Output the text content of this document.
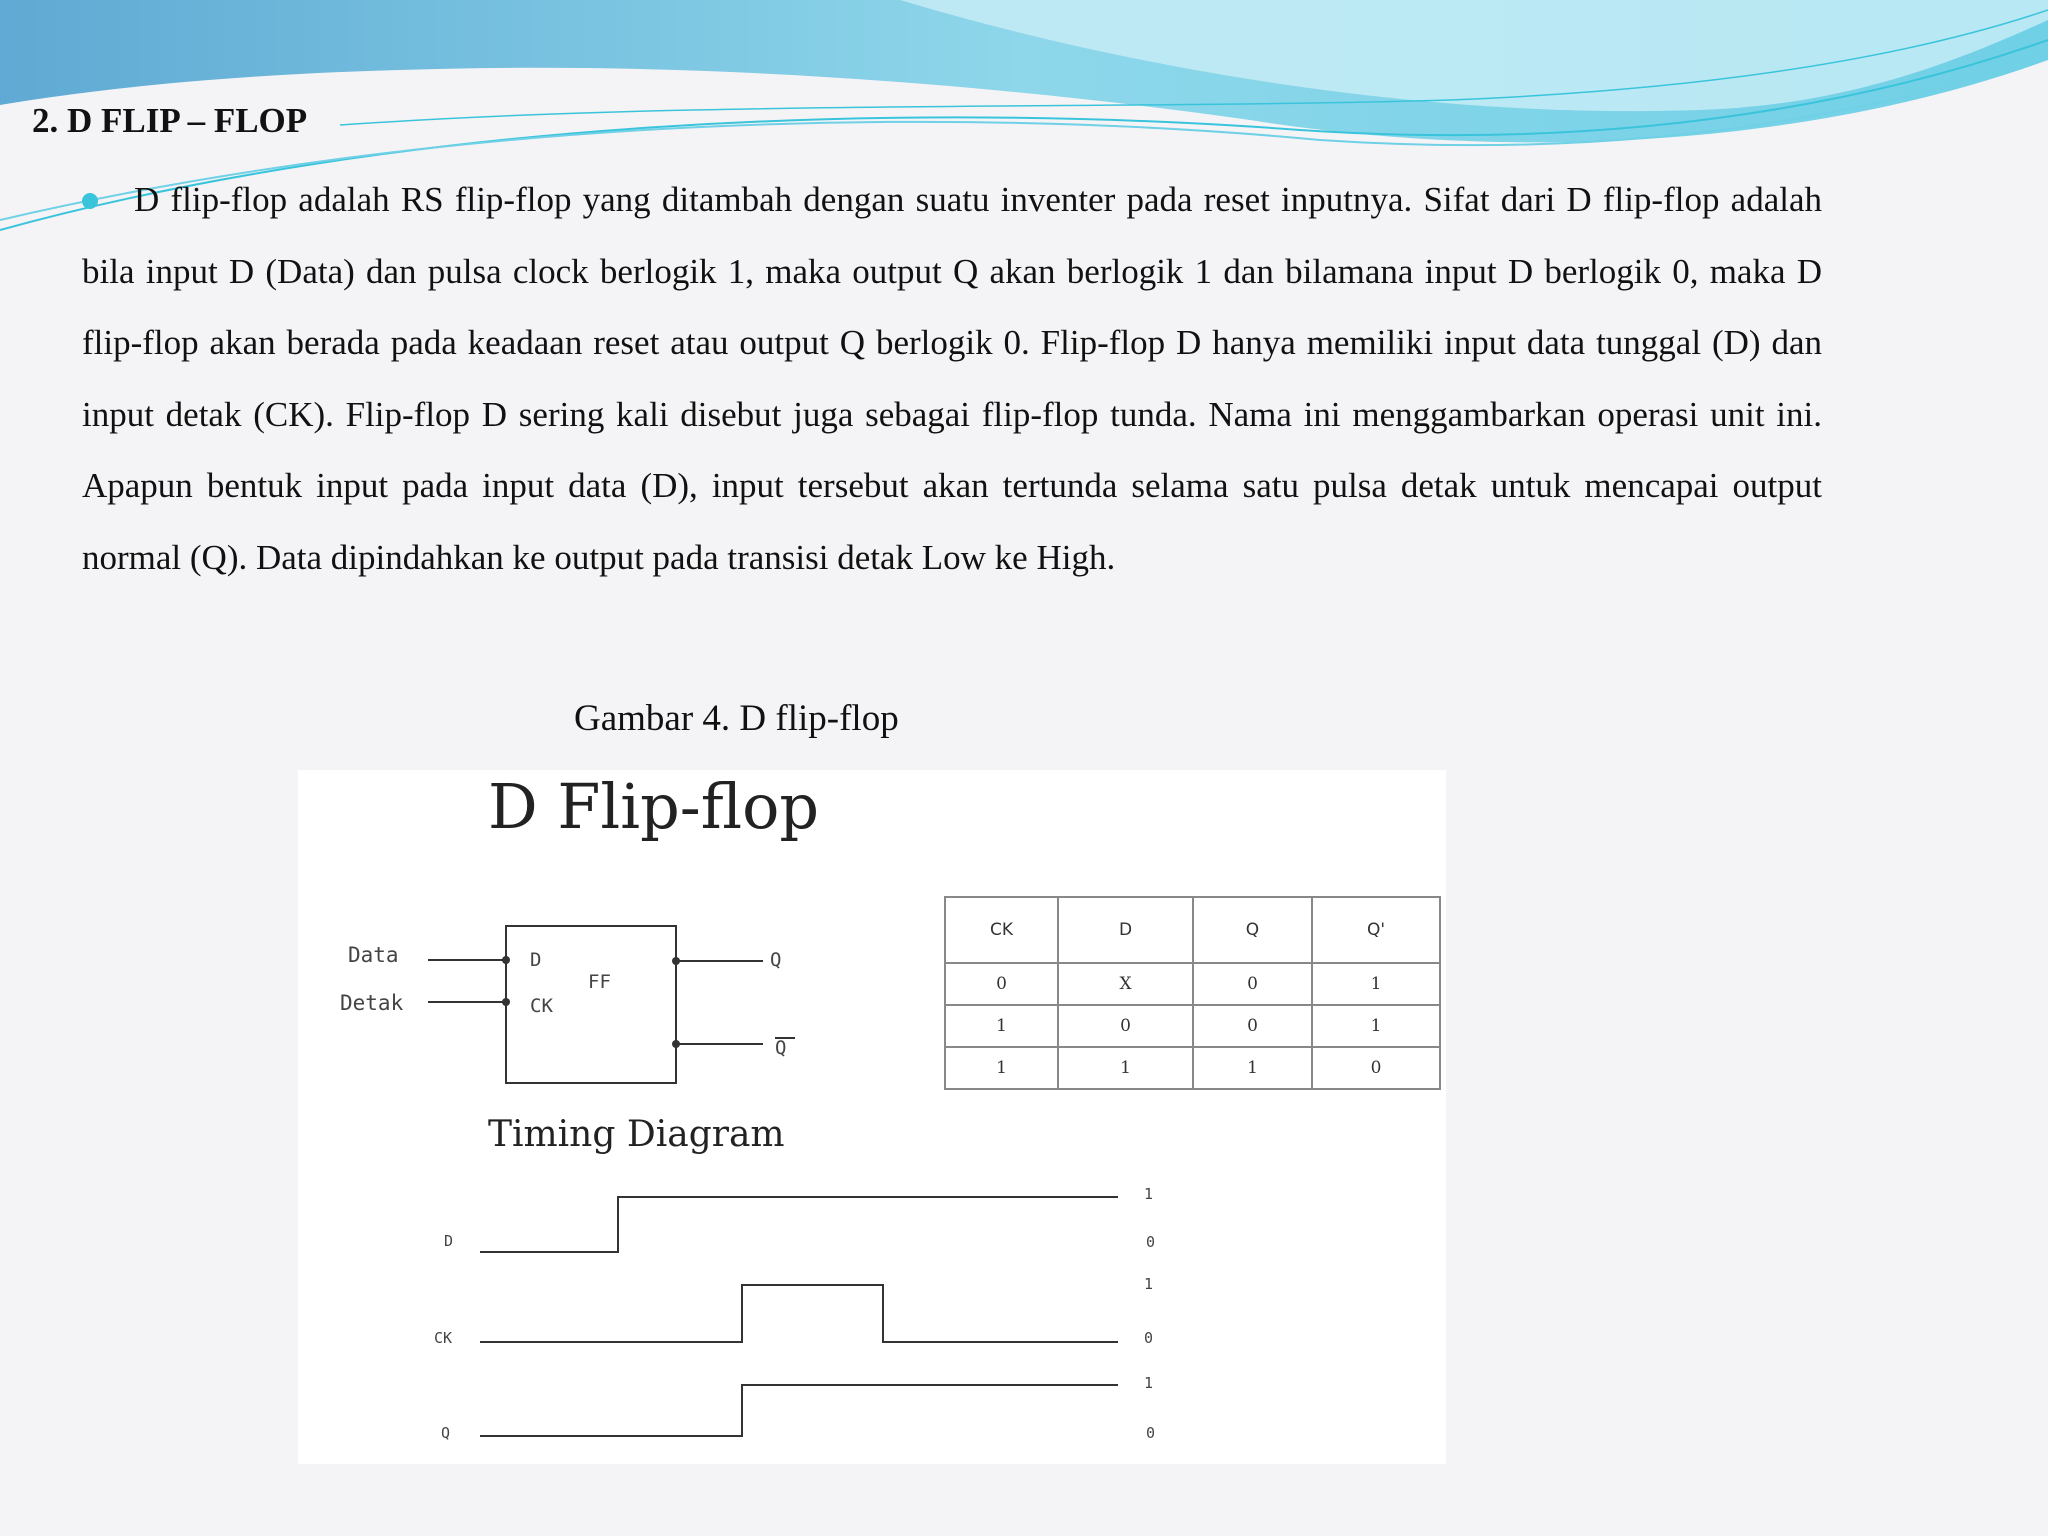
2. D FLIP – FLOP

D flip-flop adalah RS flip-flop yang ditambah dengan suatu inventer pada reset inputnya. Sifat dari D flip-flop adalah bila input D (Data) dan pulsa clock berlogik 1, maka output Q akan berlogik 1 dan bilamana input D berlogik 0, maka D flip-flop akan berada pada keadaan reset atau output Q berlogik 0. Flip-flop D hanya memiliki input data tunggal (D) dan input detak (CK). Flip-flop D sering kali disebut juga sebagai flip-flop tunda. Nama ini menggambarkan operasi unit ini. Apapun bentuk input pada input data (D), input tersebut akan tertunda selama satu pulsa detak untuk mencapai output normal (Q). Data dipindahkan ke output pada transisi detak Low ke High.

Gambar 4. D flip-flop

D Flip-flop

Data
Detak
D
CK
FF
Q
Q
CK	D	Q	Q'
0	X	0	1
1	0	0	1
1	1	1	0

Timing Diagram

D
CK
Q
1
0
1
0
1
0
